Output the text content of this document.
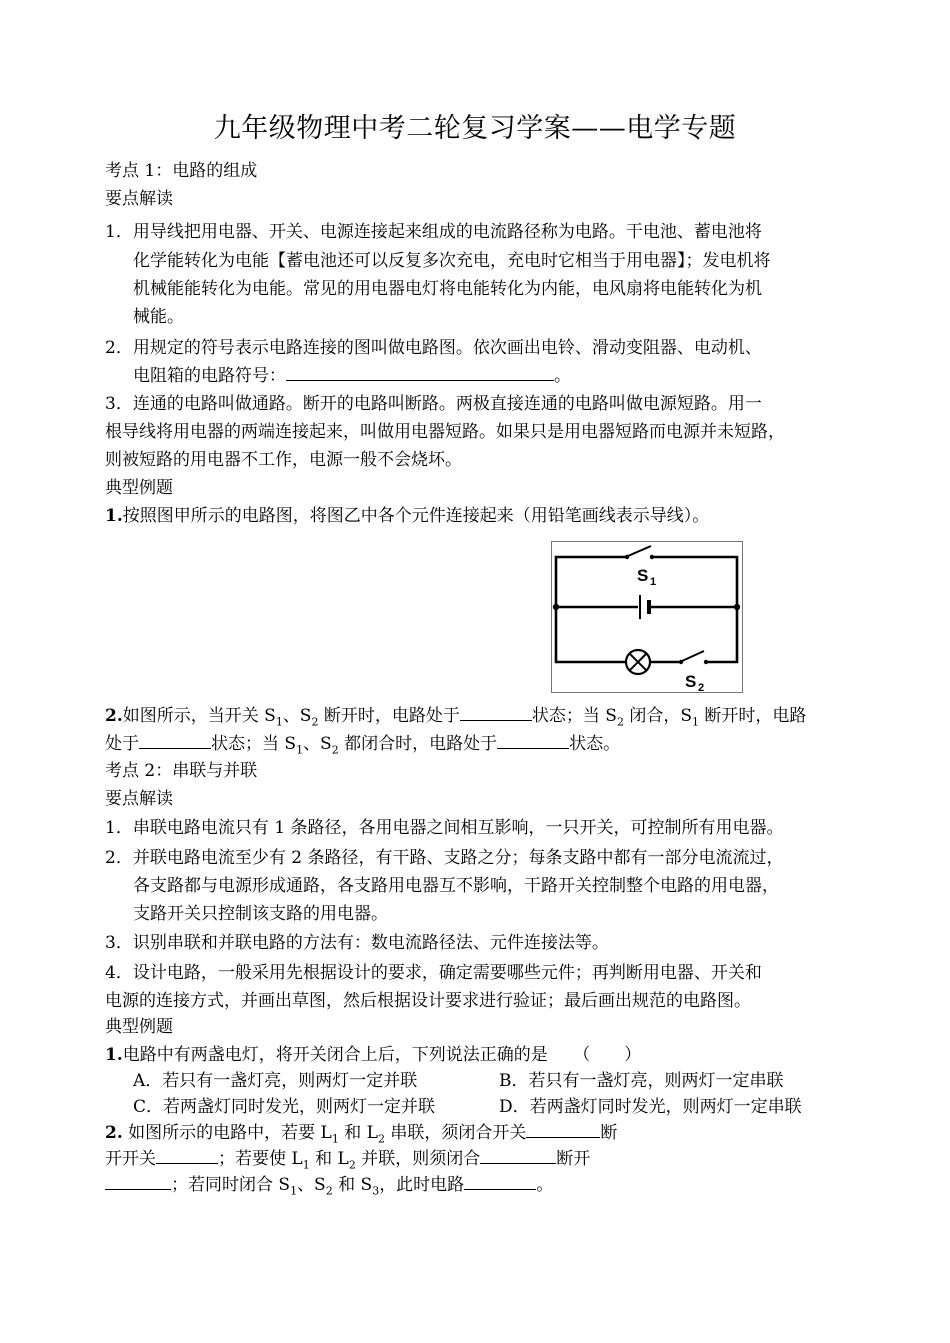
九年级物理中考二轮复习学案——电学专题
考点 1：电路的组成
要点解读
1．用导线把用电器、开关、电源连接起来组成的电流路径称为电路。干电池、蓄电池将
化学能转化为电能【蓄电池还可以反复多次充电，充电时它相当于用电器】；发电机将
机械能能转化为电能。常见的用电器电灯将电能转化为内能，电风扇将电能转化为机
械能。
2．用规定的符号表示电路连接的图叫做电路图。依次画出电铃、滑动变阻器、电动机、
电阻箱的电路符号：	。
3．连通的电路叫做通路。断开的电路叫断路。两极直接连通的电路叫做电源短路。用一
根导线将用电器的两端连接起来，叫做用电器短路。如果只是用电器短路而电源并未短路，
则被短路的用电器不工作，电源一般不会烧坏。
典型例题
1.按照图甲所示的电路图，将图乙中各个元件连接起来（用铅笔画线表示导线）。
S 1
S 2
2.如图所示，当开关 $S_1$、$S_2$ 断开时，电路处于	状态；当 $S_2$ 闭合，$S_1$ 断开时，电路
处于	状态；当 $S_1$、$S_2$ 都闭合时，电路处于	状态。
考点 2：串联与并联
要点解读
1．串联电路电流只有 1 条路径，各用电器之间相互影响，一只开关，可控制所有用电器。
2．并联电路电流至少有 2 条路径，有干路、支路之分；每条支路中都有一部分电流流过，
各支路都与电源形成通路，各支路用电器互不影响，干路开关控制整个电路的用电器，
支路开关只控制该支路的用电器。
3．识别串联和并联电路的方法有：数电流路径法、元件连接法等。
4．设计电路，一般采用先根据设计的要求，确定需要哪些元件；再判断用电器、开关和
电源的连接方式，并画出草图，然后根据设计要求进行验证；最后画出规范的电路图。
典型例题
1.电路中有两盏电灯，将开关闭合上后，下列说法正确的是　　（　　）
A．若只有一盏灯亮，则两灯一定并联	B．若只有一盏灯亮，则两灯一定串联
C．若两盏灯同时发光，则两灯一定并联	D．若两盏灯同时发光，则两灯一定串联
2. 如图所示的电路中，若要 $L_1$ 和 $L_2$ 串联，须闭合开关	断
开开关	；若要使 $L_1$ 和 $L_2$ 并联，则须闭合	断开
；若同时闭合 $S_1$、$S_2$ 和 $S_3$，此时电路	。
